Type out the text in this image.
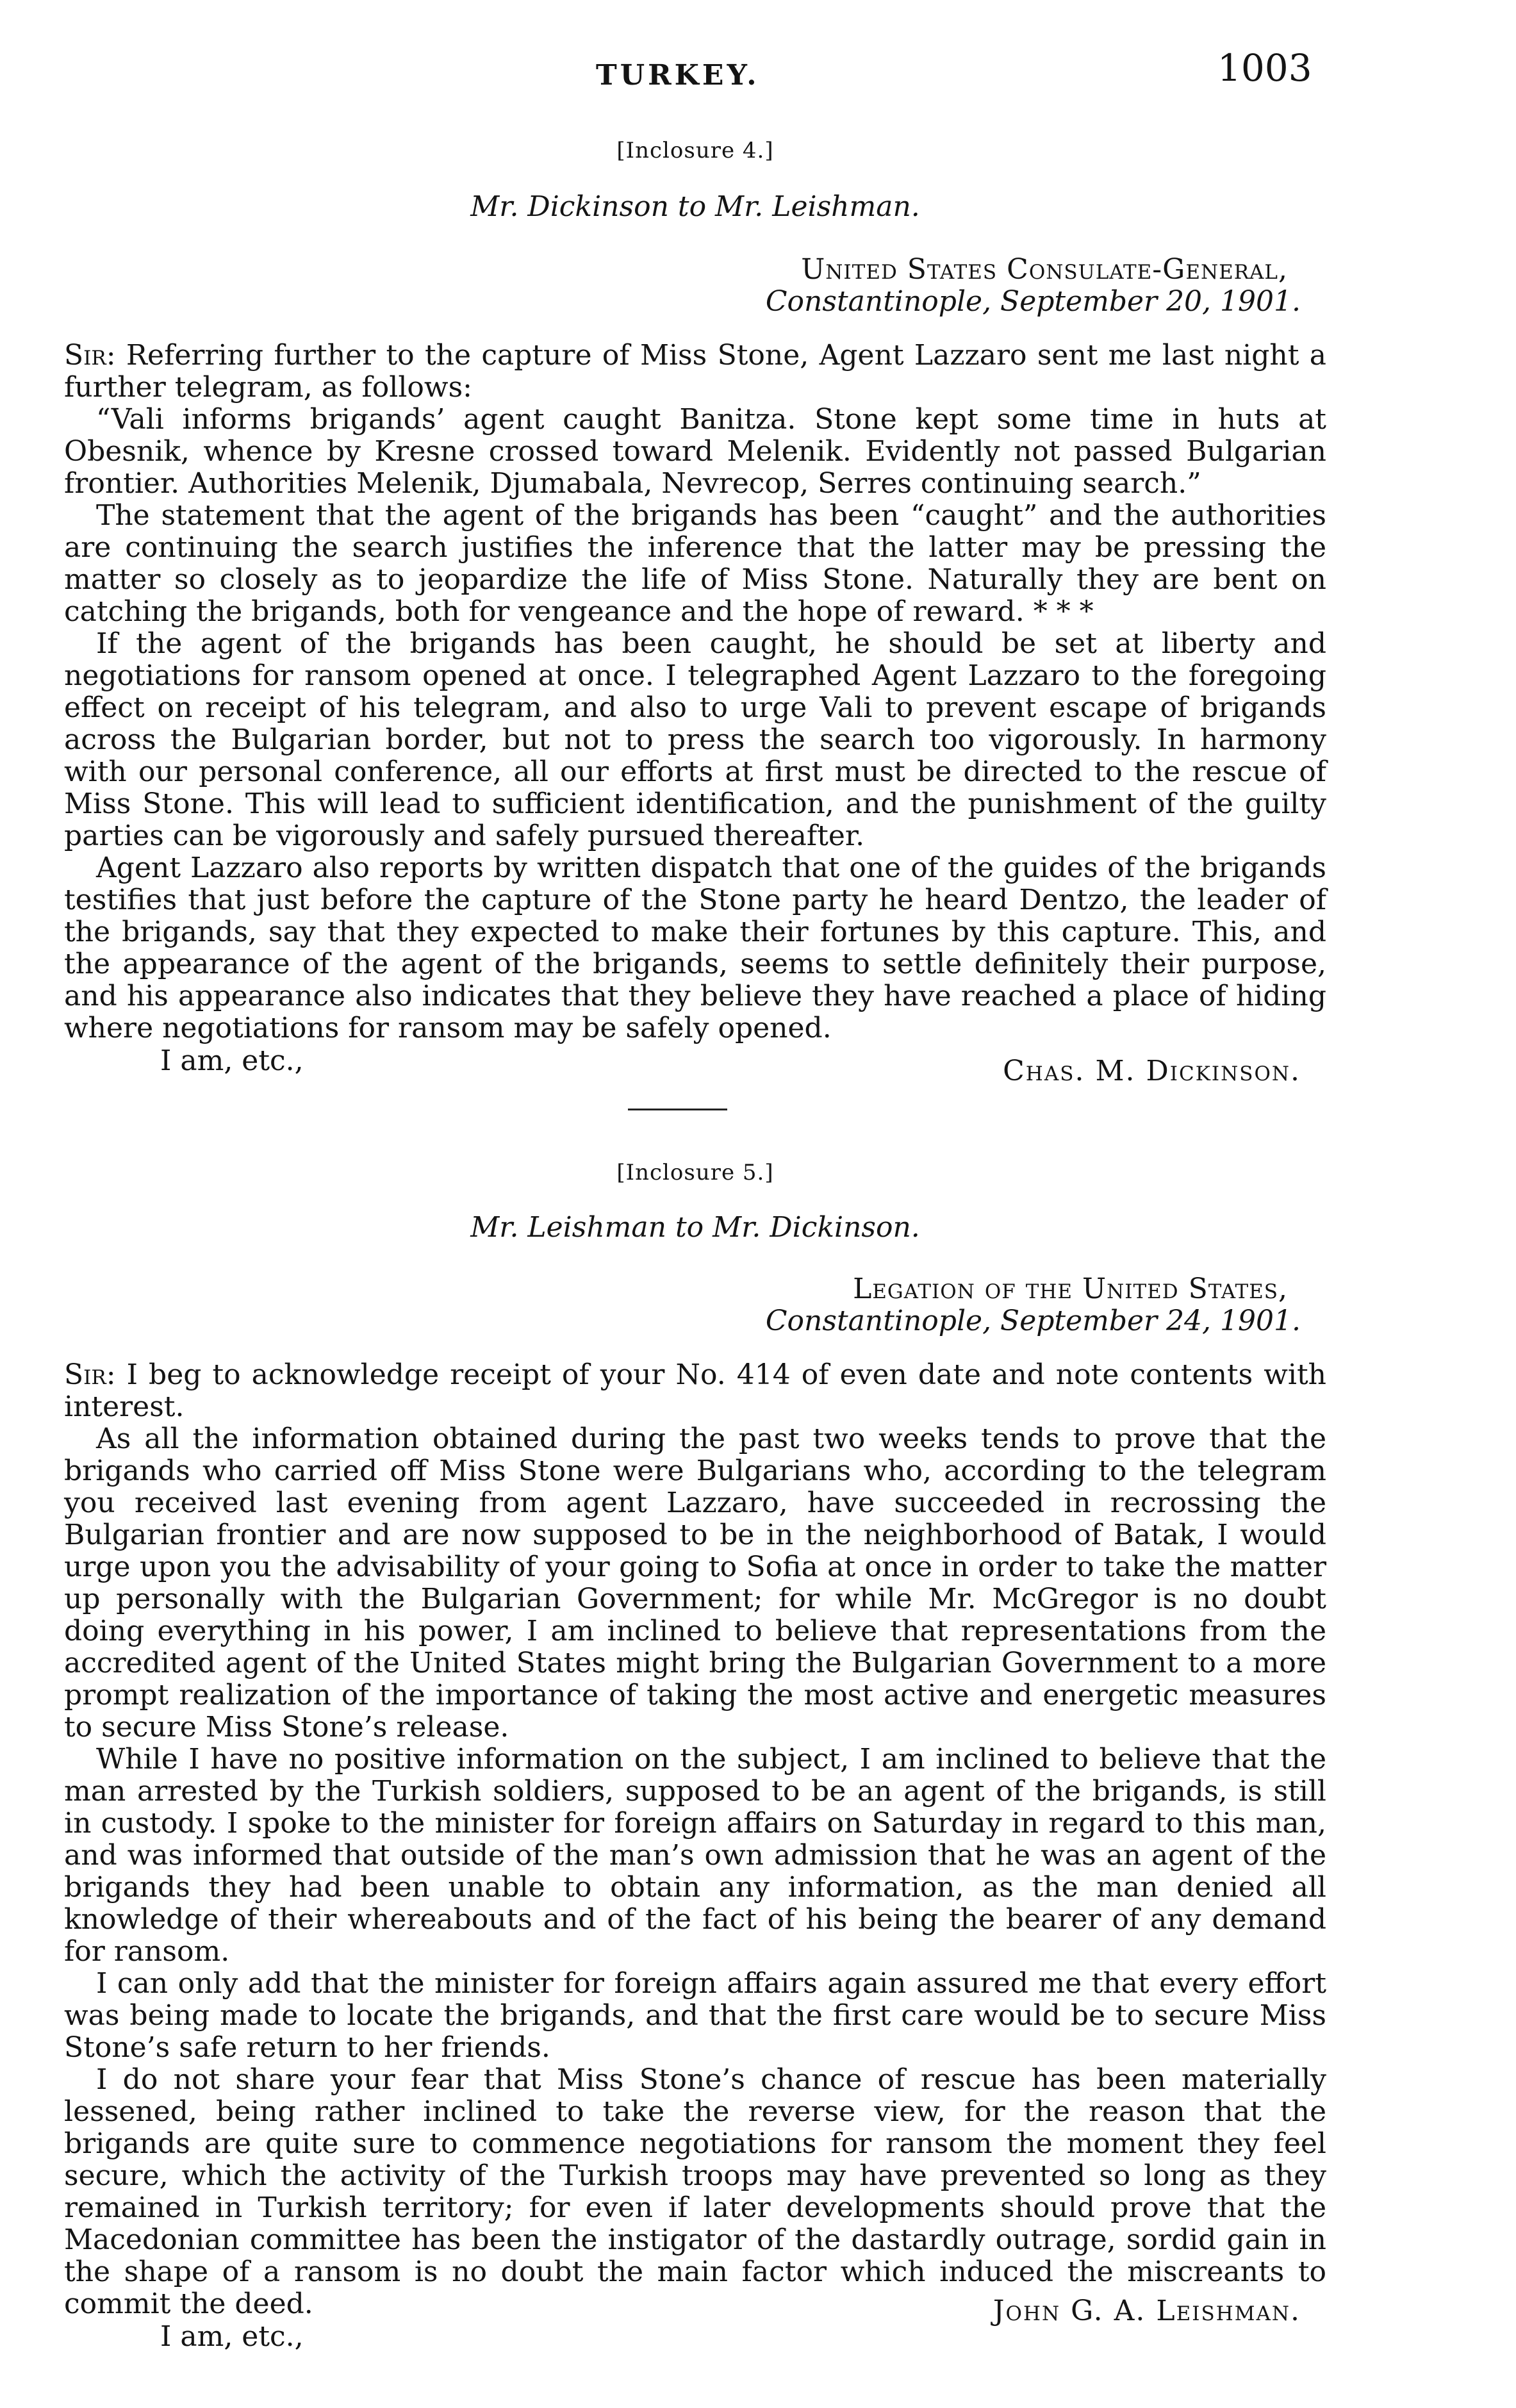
TURKEY.	1003
[Inclosure 4.]
Mr. Dickinson to Mr. Leishman.
United States Consulate-General,
Constantinople, September 20, 1901.

Sir: Referring further to the capture of Miss Stone, Agent Lazzaro sent me last night a further telegram, as follows:

“Vali informs brigands’ agent caught Banitza. Stone kept some time in huts at Obesnik, whence by Kresne crossed toward Melenik. Evidently not passed Bulgarian frontier. Authorities Melenik, Djumabala, Nevrecop, Serres continuing search.”

The statement that the agent of the brigands has been “caught” and the authorities are continuing the search justifies the inference that the latter may be pressing the matter so closely as to jeopardize the life of Miss Stone. Naturally they are bent on catching the brigands, both for vengeance and the hope of reward. * * *

If the agent of the brigands has been caught, he should be set at liberty and negotiations for ransom opened at once. I telegraphed Agent Lazzaro to the foregoing effect on receipt of his telegram, and also to urge Vali to prevent escape of brigands across the Bulgarian border, but not to press the search too vigorously. In harmony with our personal conference, all our efforts at first must be directed to the rescue of Miss Stone. This will lead to sufficient identification, and the punishment of the guilty parties can be vigorously and safely pursued thereafter.

Agent Lazzaro also reports by written dispatch that one of the guides of the brigands testifies that just before the capture of the Stone party he heard Dentzo, the leader of the brigands, say that they expected to make their fortunes by this capture. This, and the appearance of the agent of the brigands, seems to settle definitely their purpose, and his appearance also indicates that they believe they have reached a place of hiding where negotiations for ransom may be safely opened.

I am, etc.,	Chas. M. Dickinson.
[Inclosure 5.]
Mr. Leishman to Mr. Dickinson.
Legation of the United States,
Constantinople, September 24, 1901.

Sir: I beg to acknowledge receipt of your No. 414 of even date and note contents with interest.

As all the information obtained during the past two weeks tends to prove that the brigands who carried off Miss Stone were Bulgarians who, according to the telegram you received last evening from agent Lazzaro, have succeeded in recrossing the Bulgarian frontier and are now supposed to be in the neighborhood of Batak, I would urge upon you the advisability of your going to Sofia at once in order to take the matter up personally with the Bulgarian Government; for while Mr. McGregor is no doubt doing everything in his power, I am inclined to believe that representations from the accredited agent of the United States might bring the Bulgarian Government to a more prompt realization of the importance of taking the most active and energetic measures to secure Miss Stone’s release.

While I have no positive information on the subject, I am inclined to believe that the man arrested by the Turkish soldiers, supposed to be an agent of the brigands, is still in custody. I spoke to the minister for foreign affairs on Saturday in regard to this man, and was informed that outside of the man’s own admission that he was an agent of the brigands they had been unable to obtain any information, as the man denied all knowledge of their whereabouts and of the fact of his being the bearer of any demand for ransom.

I can only add that the minister for foreign affairs again assured me that every effort was being made to locate the brigands, and that the first care would be to secure Miss Stone’s safe return to her friends.

I do not share your fear that Miss Stone’s chance of rescue has been materially lessened, being rather inclined to take the reverse view, for the reason that the brigands are quite sure to commence negotiations for ransom the moment they feel secure, which the activity of the Turkish troops may have prevented so long as they remained in Turkish territory; for even if later developments should prove that the Macedonian committee has been the instigator of the dastardly outrage, sordid gain in the shape of a ransom is no doubt the main factor which induced the miscreants to commit the deed.

I am, etc.,
John G. A. Leishman.
